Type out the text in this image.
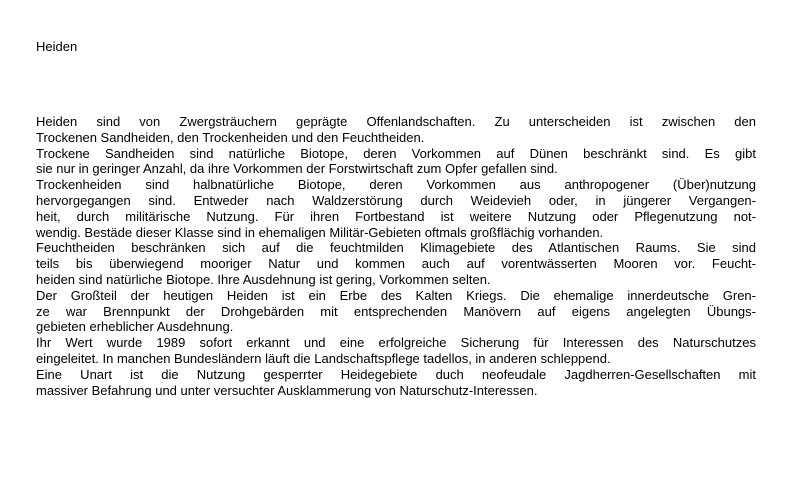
Heiden
Heiden sind von Zwergsträuchern geprägte Offenlandschaften. Zu unterscheiden ist zwischen den
Trockenen Sandheiden, den Trockenheiden und den Feuchtheiden.
Trockene Sandheiden sind natürliche Biotope, deren Vorkommen auf Dünen beschränkt sind. Es gibt
sie nur in geringer Anzahl, da ihre Vorkommen der Forstwirtschaft zum Opfer gefallen sind.
Trockenheiden sind halbnatürliche Biotope, deren Vorkommen aus anthropogener (Über)nutzung
hervorgegangen sind. Entweder nach Waldzerstörung durch Weidevieh oder, in jüngerer Vergangen-
heit, durch militärische Nutzung. Für ihren Fortbestand ist weitere Nutzung oder Pflegenutzung not-
wendig. Bestäde dieser Klasse sind in ehemaligen Militär-Gebieten oftmals großflächig vorhanden.
Feuchtheiden beschränken sich auf die feuchtmilden Klimagebiete des Atlantischen Raums. Sie sind
teils bis überwiegend mooriger Natur und kommen auch auf vorentwässerten Mooren vor. Feucht-
heiden sind natürliche Biotope. Ihre Ausdehnung ist gering, Vorkommen selten.
Der Großteil der heutigen Heiden ist ein Erbe des Kalten Kriegs. Die ehemalige innerdeutsche Gren-
ze war Brennpunkt der Drohgebärden mit entsprechenden Manövern auf eigens angelegten Übungs-
gebieten erheblicher Ausdehnung.
Ihr Wert wurde 1989 sofort erkannt und eine erfolgreiche Sicherung für Interessen des Naturschutzes
eingeleitet. In manchen Bundesländern läuft die Landschaftspflege tadellos, in anderen schleppend.
Eine Unart ist die Nutzung gesperrter Heidegebiete duch neofeudale Jagdherren-Gesellschaften mit
massiver Befahrung und unter versuchter Ausklammerung von Naturschutz-Interessen.
